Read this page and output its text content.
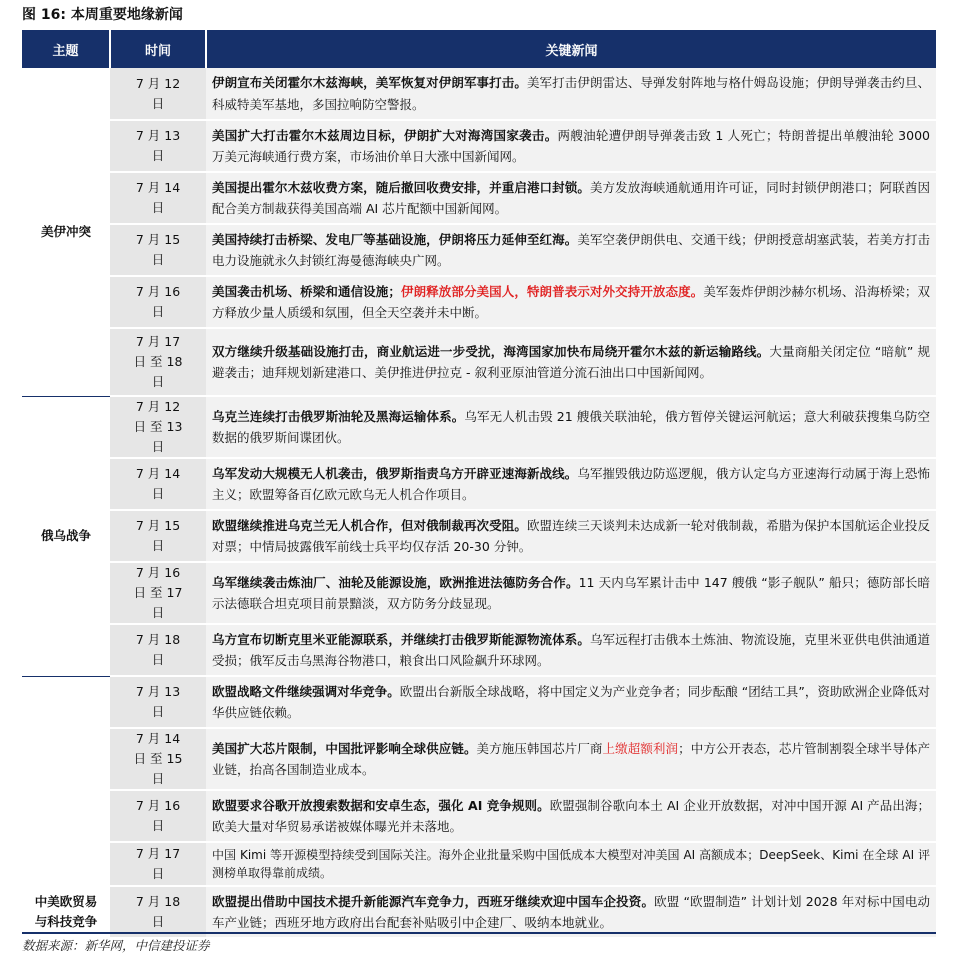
图 16: 本周重要地缘新闻
主题	时间	关键新闻
美伊冲突	7 月 12 日	伊朗宣布关闭霍尔木兹海峡，美军恢复对伊朗军事打击。美军打击伊朗雷达、导弹发射阵地与格什姆岛设施；伊朗导弹袭击约旦、科威特美军基地，多国拉响防空警报。
	7 月 13 日	美国扩大打击霍尔木兹周边目标，伊朗扩大对海湾国家袭击。两艘油轮遭伊朗导弹袭击致 1 人死亡；特朗普提出单艘油轮 3000 万美元海峡通行费方案，市场油价单日大涨中国新闻网。
	7 月 14 日	美国提出霍尔木兹收费方案，随后撤回收费安排，并重启港口封锁。美方发放海峡通航通用许可证，同时封锁伊朗港口；阿联酋因配合美方制裁获得美国高端 AI 芯片配额中国新闻网。
	7 月 15 日	美国持续打击桥梁、发电厂等基础设施，伊朗将压力延伸至红海。美军空袭伊朗供电、交通干线；伊朗授意胡塞武装，若美方打击电力设施就永久封锁红海曼德海峡央广网。
	7 月 16 日	美国袭击机场、桥梁和通信设施；伊朗释放部分美国人，特朗普表示对外交持开放态度。美军轰炸伊朗沙赫尔机场、沿海桥梁；双方释放少量人质缓和氛围，但全天空袭并未中断。
	7 月 17 日 至 18 日	双方继续升级基础设施打击，商业航运进一步受扰，海湾国家加快布局绕开霍尔木兹的新运输路线。大量商船关闭定位 “暗航” 规避袭击；迪拜规划新建港口、美伊推进伊拉克 - 叙利亚原油管道分流石油出口中国新闻网。
俄乌战争	7 月 12 日 至 13 日	乌克兰连续打击俄罗斯油轮及黑海运输体系。乌军无人机击毁 21 艘俄关联油轮，俄方暂停关键运河航运；意大利破获搜集乌防空数据的俄罗斯间谍团伙。
	7 月 14 日	乌军发动大规模无人机袭击，俄罗斯指责乌方开辟亚速海新战线。乌军摧毁俄边防巡逻舰，俄方认定乌方亚速海行动属于海上恐怖主义；欧盟筹备百亿欧元欧乌无人机合作项目。
	7 月 15 日	欧盟继续推进乌克兰无人机合作，但对俄制裁再次受阻。欧盟连续三天谈判未达成新一轮对俄制裁，希腊为保护本国航运企业投反对票；中情局披露俄军前线士兵平均仅存活 20-30 分钟。
	7 月 16 日 至 17 日	乌军继续袭击炼油厂、油轮及能源设施，欧洲推进法德防务合作。11 天内乌军累计击中 147 艘俄 “影子舰队” 船只；德防部长暗示法德联合坦克项目前景黯淡，双方防务分歧显现。
	7 月 18 日	乌方宣布切断克里米亚能源联系，并继续打击俄罗斯能源物流体系。乌军远程打击俄本土炼油、物流设施，克里米亚供电供油通道受损；俄军反击乌黑海谷物港口，粮食出口风险飙升环球网。
中美欧贸易与科技竞争	7 月 13 日	欧盟战略文件继续强调对华竞争。欧盟出台新版全球战略，将中国定义为产业竞争者；同步酝酿 “团结工具”，资助欧洲企业降低对华供应链依赖。
	7 月 14 日 至 15 日	美国扩大芯片限制，中国批评影响全球供应链。美方施压韩国芯片厂商上缴超额利润；中方公开表态，芯片管制割裂全球半导体产业链，抬高各国制造业成本。
	7 月 16 日	欧盟要求谷歌开放搜索数据和安卓生态，强化 AI 竞争规则。欧盟强制谷歌向本土 AI 企业开放数据，对冲中国开源 AI 产品出海；欧美大量对华贸易承诺被媒体曝光并未落地。
	7 月 17 日	中国 Kimi 等开源模型持续受到国际关注。海外企业批量采购中国低成本大模型对冲美国 AI 高额成本；DeepSeek、Kimi 在全球 AI 评测榜单取得靠前成绩。
	7 月 18 日	欧盟提出借助中国技术提升新能源汽车竞争力，西班牙继续欢迎中国车企投资。欧盟 “欧盟制造” 计划计划 2028 年对标中国电动车产业链；西班牙地方政府出台配套补贴吸引中企建厂、吸纳本地就业。
数据来源：新华网，中信建投证券
